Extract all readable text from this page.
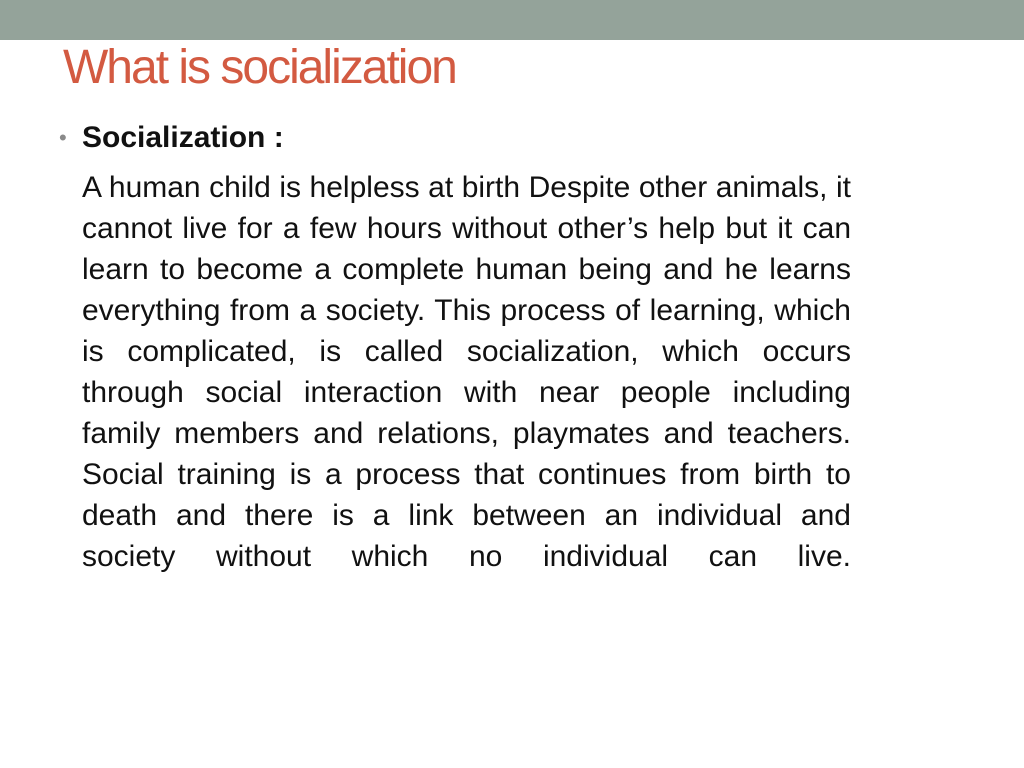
What is socialization
• Socialization :

A human child is helpless at birth Despite other animals, it cannot live for a few hours without other’s help but it can learn to become a complete human being and he learns everything from a society. This process of learning, which is complicated, is called socialization, which occurs through social interaction with near people including family members and relations, playmates and teachers. Social training is a process that continues from birth to death and there is a link between an individual and society without which no individual can live.
